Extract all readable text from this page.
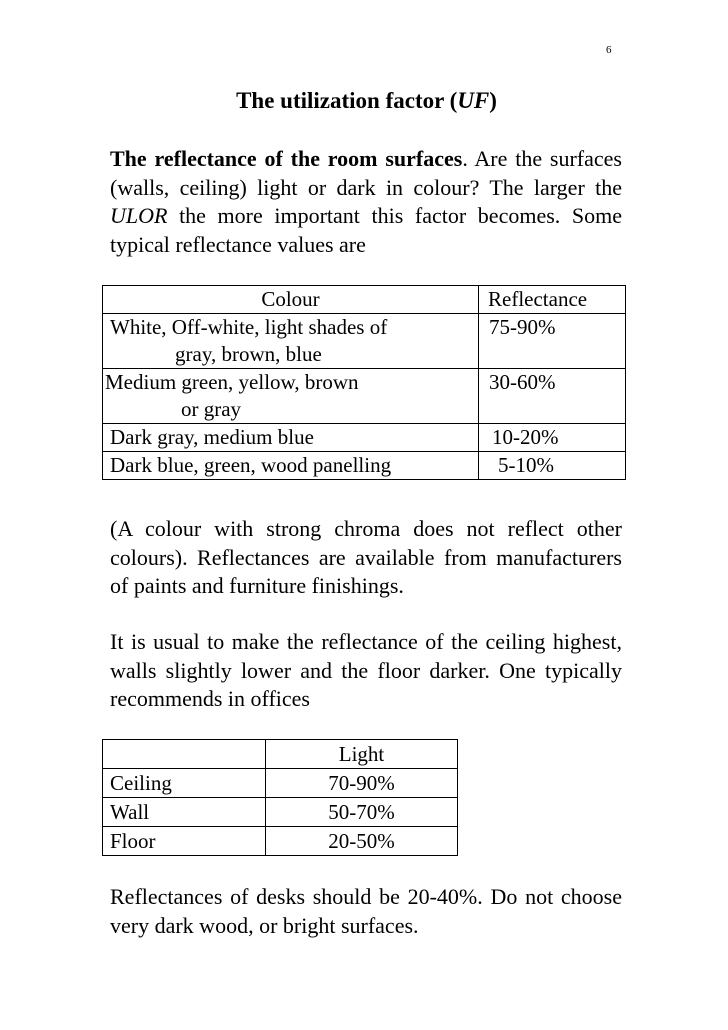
6
The utilization factor (UF)

The reflectance of the room surfaces. Are the surfaces (walls, ceiling) light or dark in colour? The larger the ULOR the more important this factor becomes. Some typical reflectance values are

Colour	Reflectance

White, Off-white, light shades of
gray, brown, blue	75-90%

Medium green, yellow, brown
or gray	30-60%
Dark gray, medium blue	10-20%
Dark blue, green, wood panelling	5-10%

(A colour with strong chroma does not reflect other colours). Reflectances are available from manufacturers of paints and furniture finishings.

It is usual to make the reflectance of the ceiling highest, walls slightly lower and the floor darker. One typically recommends in offices

	Light
Ceiling	70-90%
Wall	50-70%
Floor	20-50%

Reflectances of desks should be 20-40%. Do not choose very dark wood, or bright surfaces.
